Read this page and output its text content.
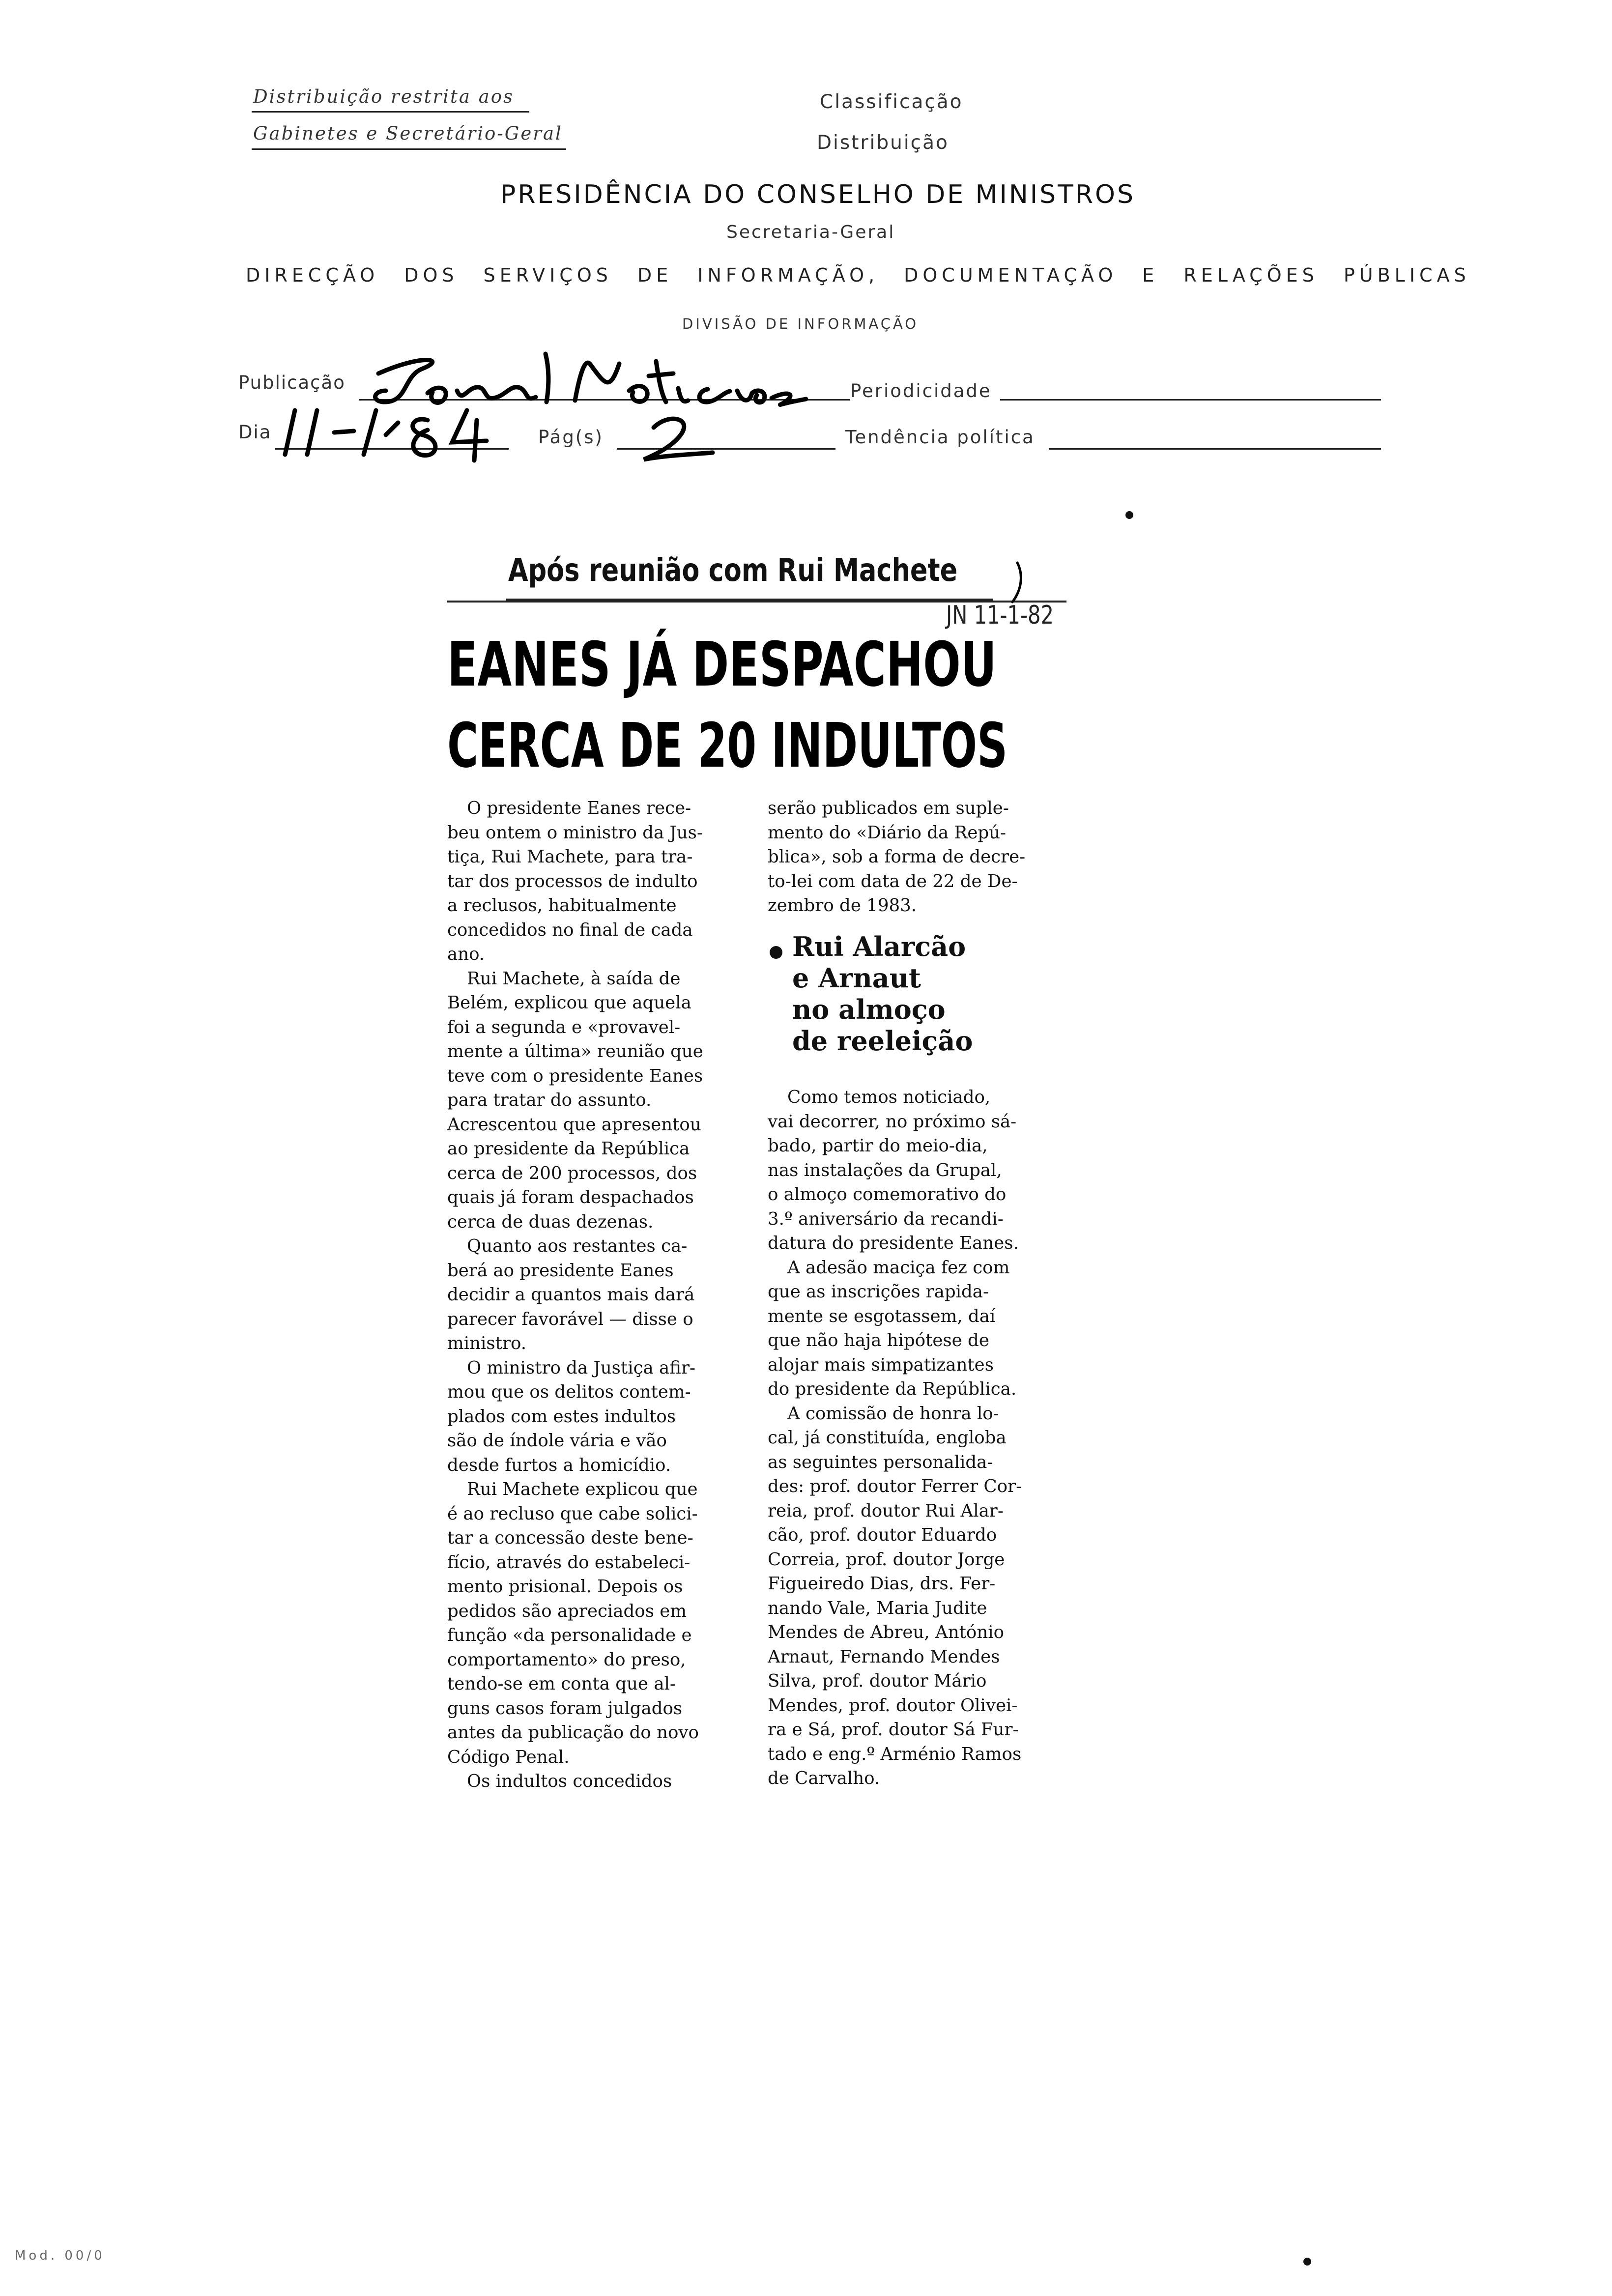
Distribuição restrita aos
Gabinetes e Secretário-Geral
Classificação
Distribuição
PRESIDÊNCIA DO CONSELHO DE MINISTROS
Secretaria-Geral
DIRECÇÃO DOS SERVIÇOS DE INFORMAÇÃO, DOCUMENTAÇÃO E RELAÇÕES PÚBLICAS
DIVISÃO DE INFORMAÇÃO
Publicação	Periodicidade
Dia	Pág(s)	Tendência política
Após reunião com Rui Machete
JN 11-1-82
EANES JÁ DESPACHOU
CERCA DE 20 INDULTOS
O presidente Eanes rece-
beu ontem o ministro da Jus-
tiça, Rui Machete, para tra-
tar dos processos de indulto
a reclusos, habitualmente
concedidos no final de cada
ano.
Rui Machete, à saída de
Belém, explicou que aquela
foi a segunda e «provavel-
mente a última» reunião que
teve com o presidente Eanes
para tratar do assunto.
Acrescentou que apresentou
ao presidente da República
cerca de 200 processos, dos
quais já foram despachados
cerca de duas dezenas.
Quanto aos restantes ca-
berá ao presidente Eanes
decidir a quantos mais dará
parecer favorável — disse o
ministro.
O ministro da Justiça afir-
mou que os delitos contem-
plados com estes indultos
são de índole vária e vão
desde furtos a homicídio.
Rui Machete explicou que
é ao recluso que cabe solici-
tar a concessão deste bene-
fício, através do estabeleci-
mento prisional. Depois os
pedidos são apreciados em
função «da personalidade e
comportamento» do preso,
tendo-se em conta que al-
guns casos foram julgados
antes da publicação do novo
Código Penal.
Os indultos concedidos
serão publicados em suple-
mento do «Diário da Repú-
blica», sob a forma de decre-
to-lei com data de 22 de De-
zembro de 1983.
Rui Alarcão
e Arnaut
no almoço
de reeleição
Como temos noticiado,
vai decorrer, no próximo sá-
bado, partir do meio-dia,
nas instalações da Grupal,
o almoço comemorativo do
3.º aniversário da recandi-
datura do presidente Eanes.
A adesão maciça fez com
que as inscrições rapida-
mente se esgotassem, daí
que não haja hipótese de
alojar mais simpatizantes
do presidente da República.
A comissão de honra lo-
cal, já constituída, engloba
as seguintes personalida-
des: prof. doutor Ferrer Cor-
reia, prof. doutor Rui Alar-
cão, prof. doutor Eduardo
Correia, prof. doutor Jorge
Figueiredo Dias, drs. Fer-
nando Vale, Maria Judite
Mendes de Abreu, António
Arnaut, Fernando Mendes
Silva, prof. doutor Mário
Mendes, prof. doutor Olivei-
ra e Sá, prof. doutor Sá Fur-
tado e eng.º Arménio Ramos
de Carvalho.
Mod. 00/0
